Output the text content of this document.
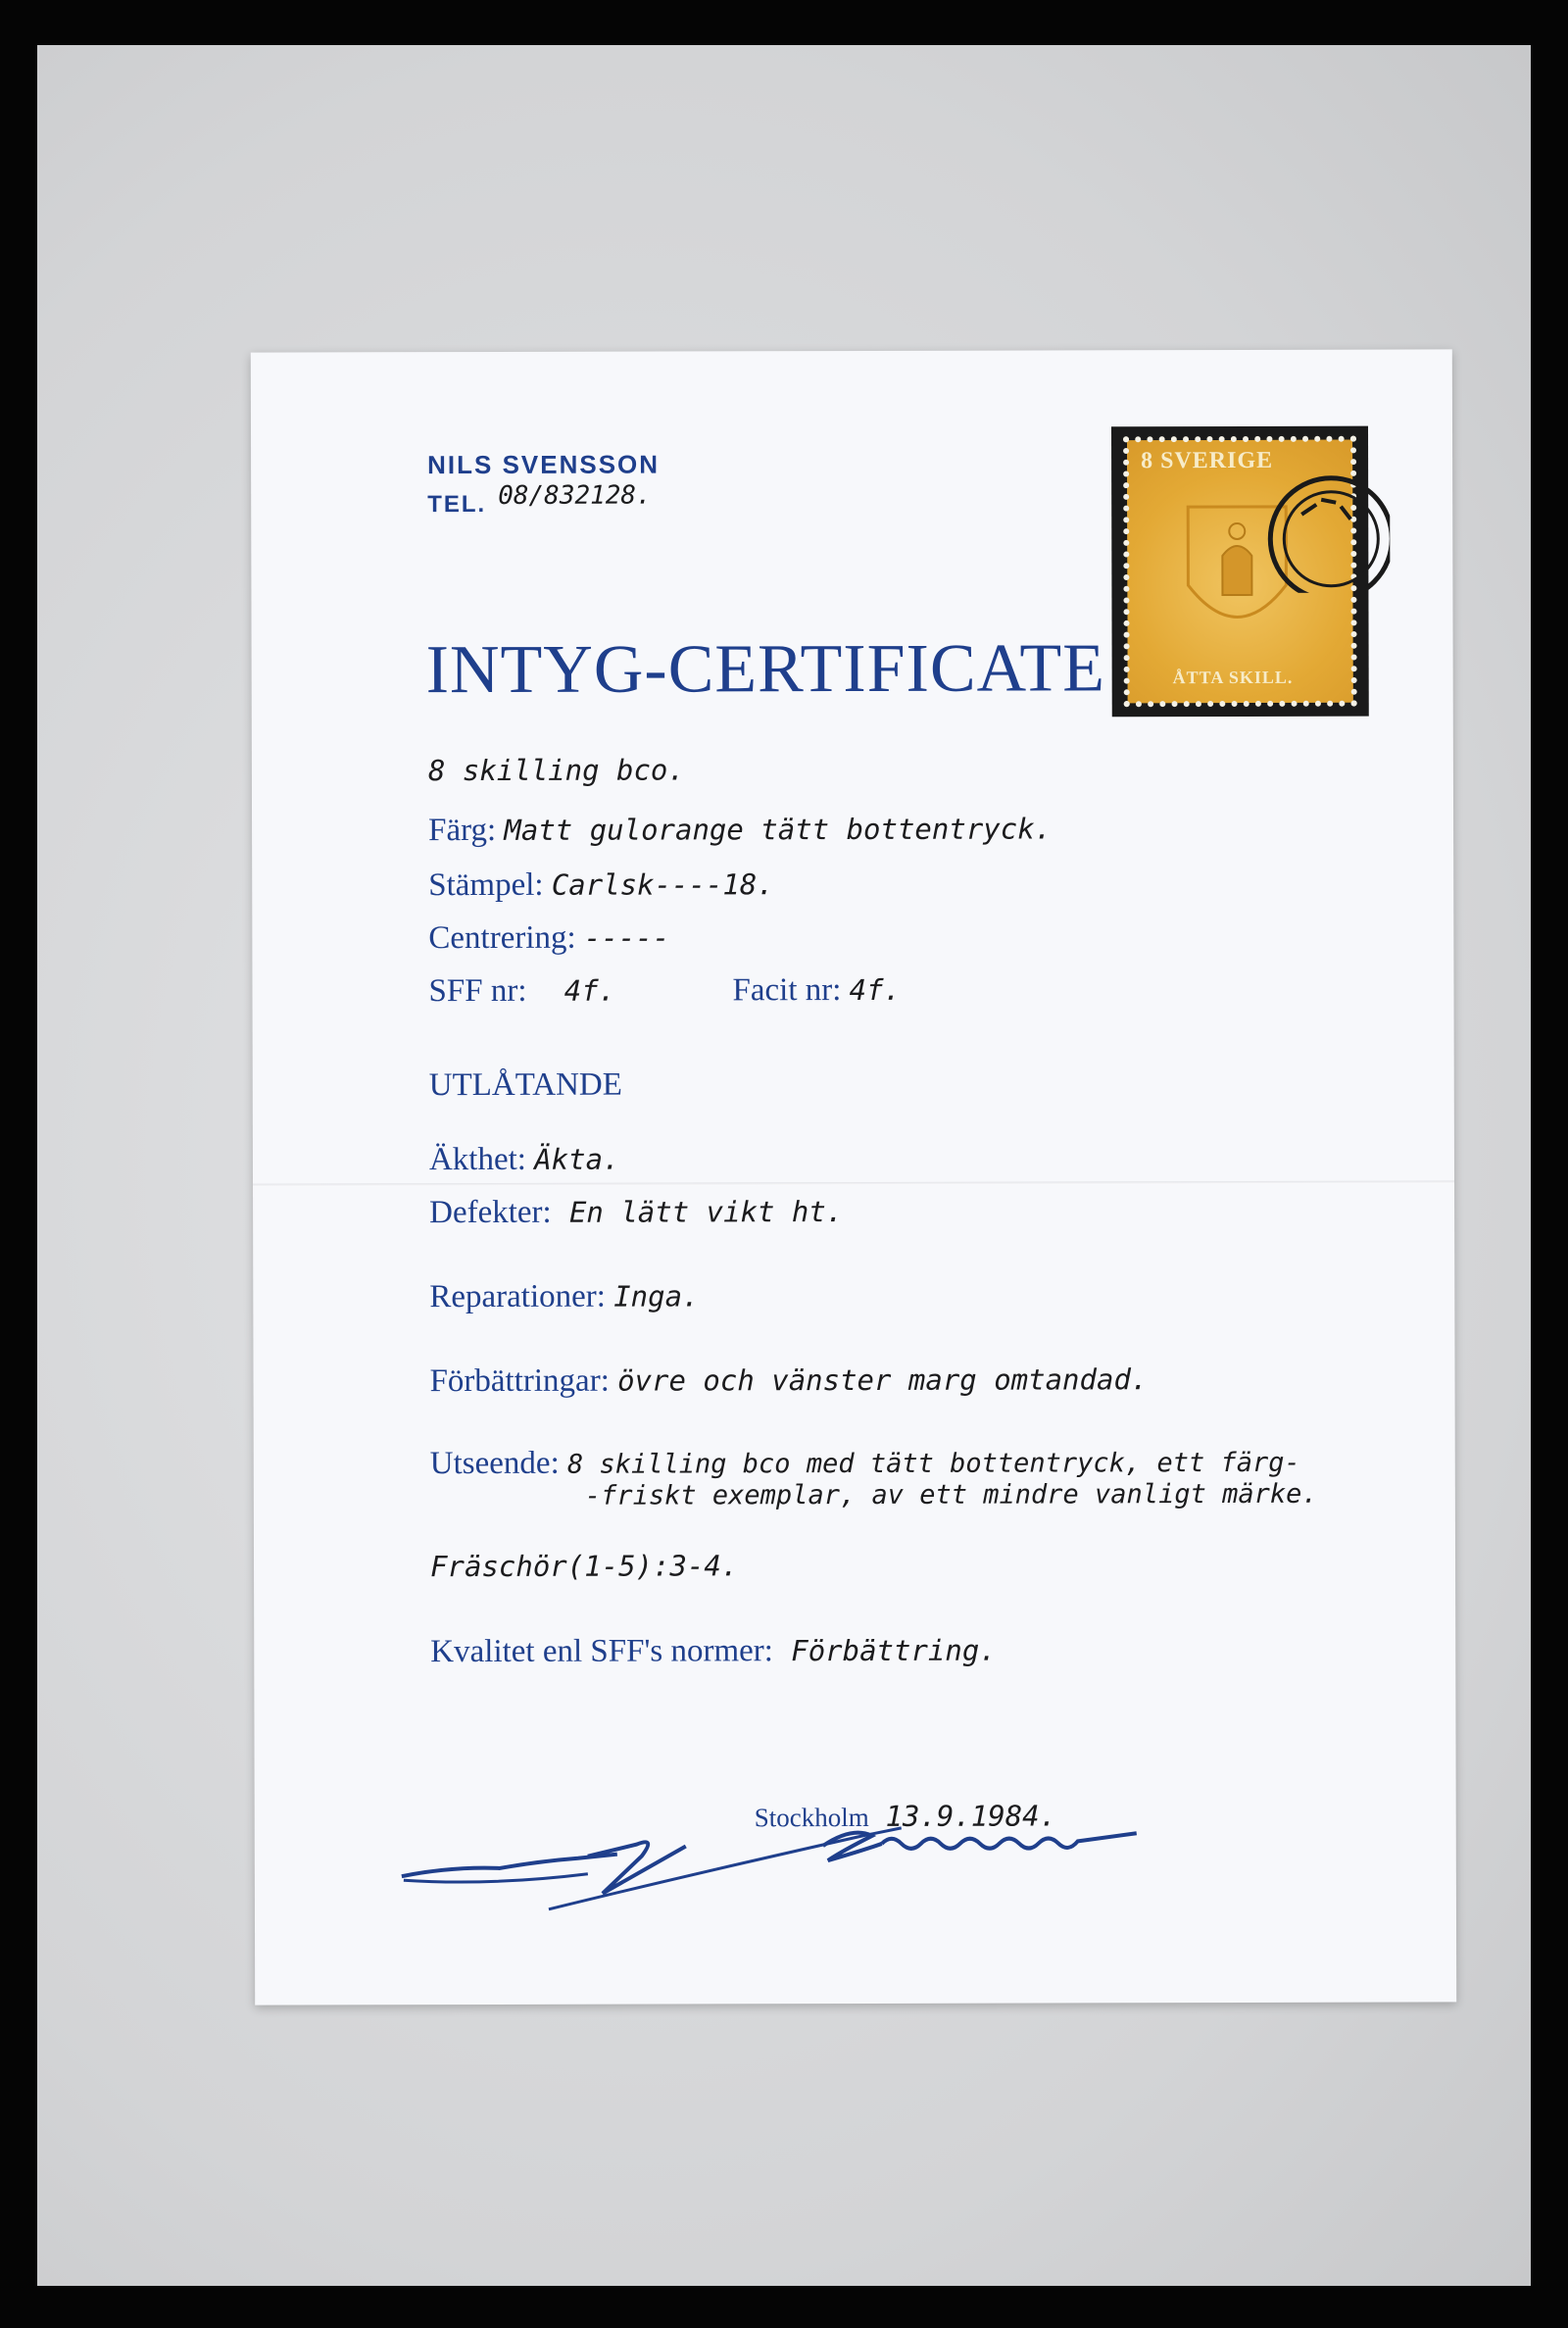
NILS SVENSSON
TEL. 08/832128.
INTYG-CERTIFICATE
8 SVERIGE
ÅTTA SKILL.
8 skilling bco.
Färg: Matt gulorange tätt bottentryck.
Stämpel: Carlsk----18.
Centrering: -----
SFF nr: 4f.	Facit nr: 4f.
UTLÅTANDE
Äkthet: Äkta.
Defekter: En lätt vikt ht.
Reparationer: Inga.
Förbättringar: övre och vänster marg omtandad.
Utseende: 8 skilling bco med tätt bottentryck, ett färg-
-friskt exemplar, av ett mindre vanligt märke.
Fräschör(1-5):3-4.
Kvalitet enl SFF's normer: Förbättring.
Stockholm 13.9.1984.
